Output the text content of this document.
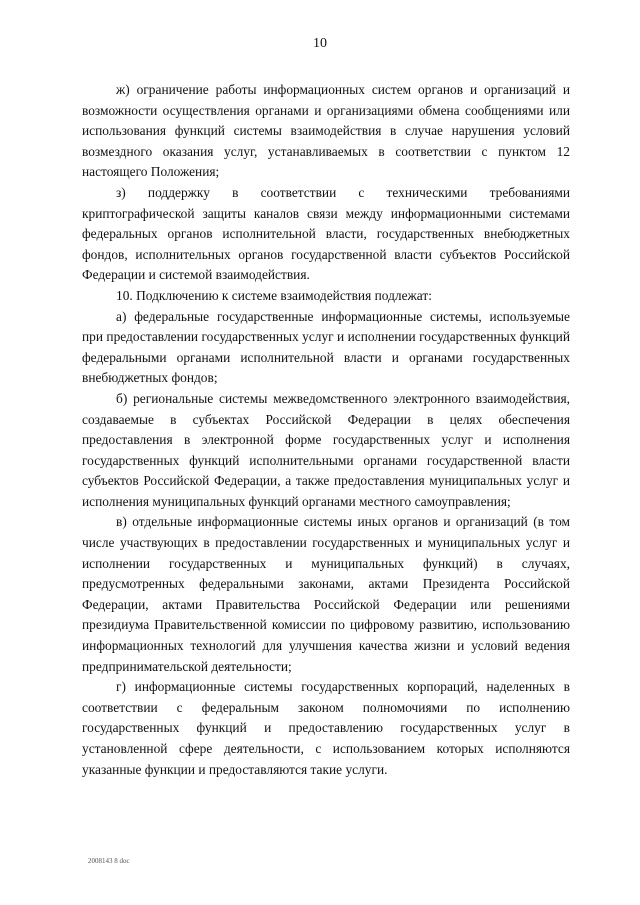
10

ж) ограничение работы информационных систем органов и организаций и возможности осуществления органами и организациями обмена сообщениями или использования функций системы взаимодействия в случае нарушения условий возмездного оказания услуг, устанавливаемых в соответствии с пунктом 12 настоящего Положения;

з) поддержку в соответствии с техническими требованиями криптографической защиты каналов связи между информационными системами федеральных органов исполнительной власти, государственных внебюджетных фондов, исполнительных органов государственной власти субъектов Российской Федерации и системой взаимодействия.

10. Подключению к системе взаимодействия подлежат:

а) федеральные государственные информационные системы, используемые при предоставлении государственных услуг и исполнении государственных функций федеральными органами исполнительной власти и органами государственных внебюджетных фондов;

б) региональные системы межведомственного электронного взаимодействия, создаваемые в субъектах Российской Федерации в целях обеспечения предоставления в электронной форме государственных услуг и исполнения государственных функций исполнительными органами государственной власти субъектов Российской Федерации, а также предоставления муниципальных услуг и исполнения муниципальных функций органами местного самоуправления;

в) отдельные информационные системы иных органов и организаций (в том числе участвующих в предоставлении государственных и муниципальных услуг и исполнении государственных и муниципальных функций) в случаях, предусмотренных федеральными законами, актами Президента Российской Федерации, актами Правительства Российской Федерации или решениями президиума Правительственной комиссии по цифровому развитию, использованию информационных технологий для улучшения качества жизни и условий ведения предпринимательской деятельности;

г) информационные системы государственных корпораций, наделенных в соответствии с федеральным законом полномочиями по исполнению государственных функций и предоставлению государственных услуг в установленной сфере деятельности, с использованием которых исполняются указанные функции и предоставляются такие услуги.

2008143 8 doc
